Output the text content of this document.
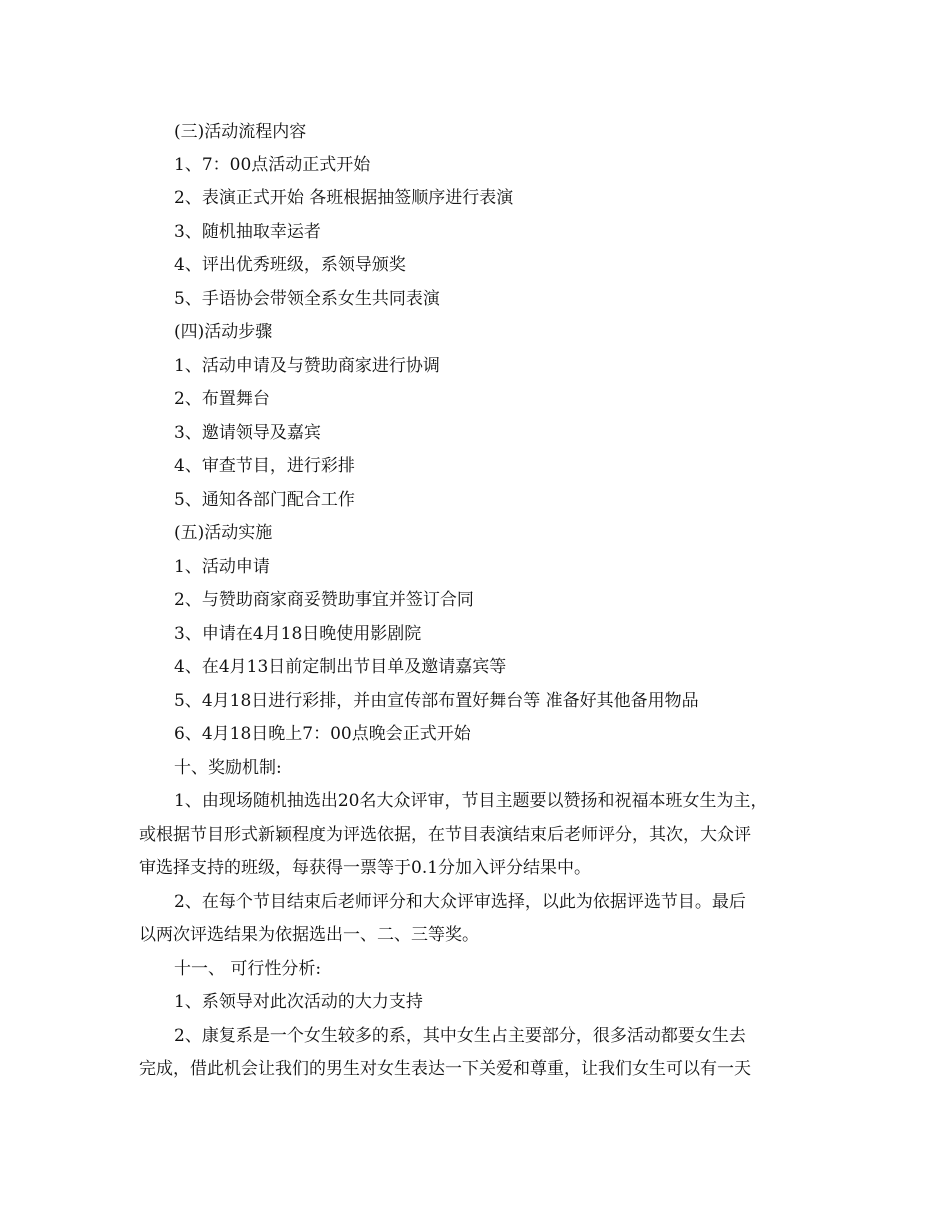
(三)活动流程内容
1、7：00点活动正式开始
2、表演正式开始 各班根据抽签顺序进行表演
3、随机抽取幸运者
4、评出优秀班级，系领导颁奖
5、手语协会带领全系女生共同表演
(四)活动步骤
1、活动申请及与赞助商家进行协调
2、布置舞台
3、邀请领导及嘉宾
4、审查节目，进行彩排
5、通知各部门配合工作
(五)活动实施
1、活动申请
2、与赞助商家商妥赞助事宜并签订合同
3、申请在4月18日晚使用影剧院
4、在4月13日前定制出节目单及邀请嘉宾等
5、4月18日进行彩排，并由宣传部布置好舞台等 准备好其他备用物品
6、4月18日晚上7：00点晚会正式开始
十、奖励机制:
1、由现场随机抽选出20名大众评审，节目主题要以赞扬和祝福本班女生为主，
或根据节目形式新颖程度为评选依据，在节目表演结束后老师评分，其次，大众评
审选择支持的班级，每获得一票等于0.1分加入评分结果中。
2、在每个节目结束后老师评分和大众评审选择，以此为依据评选节目。最后
以两次评选结果为依据选出一、二、三等奖。
十一、 可行性分析:
1、系领导对此次活动的大力支持
2、康复系是一个女生较多的系，其中女生占主要部分，很多活动都要女生去
完成，借此机会让我们的男生对女生表达一下关爱和尊重，让我们女生可以有一天
